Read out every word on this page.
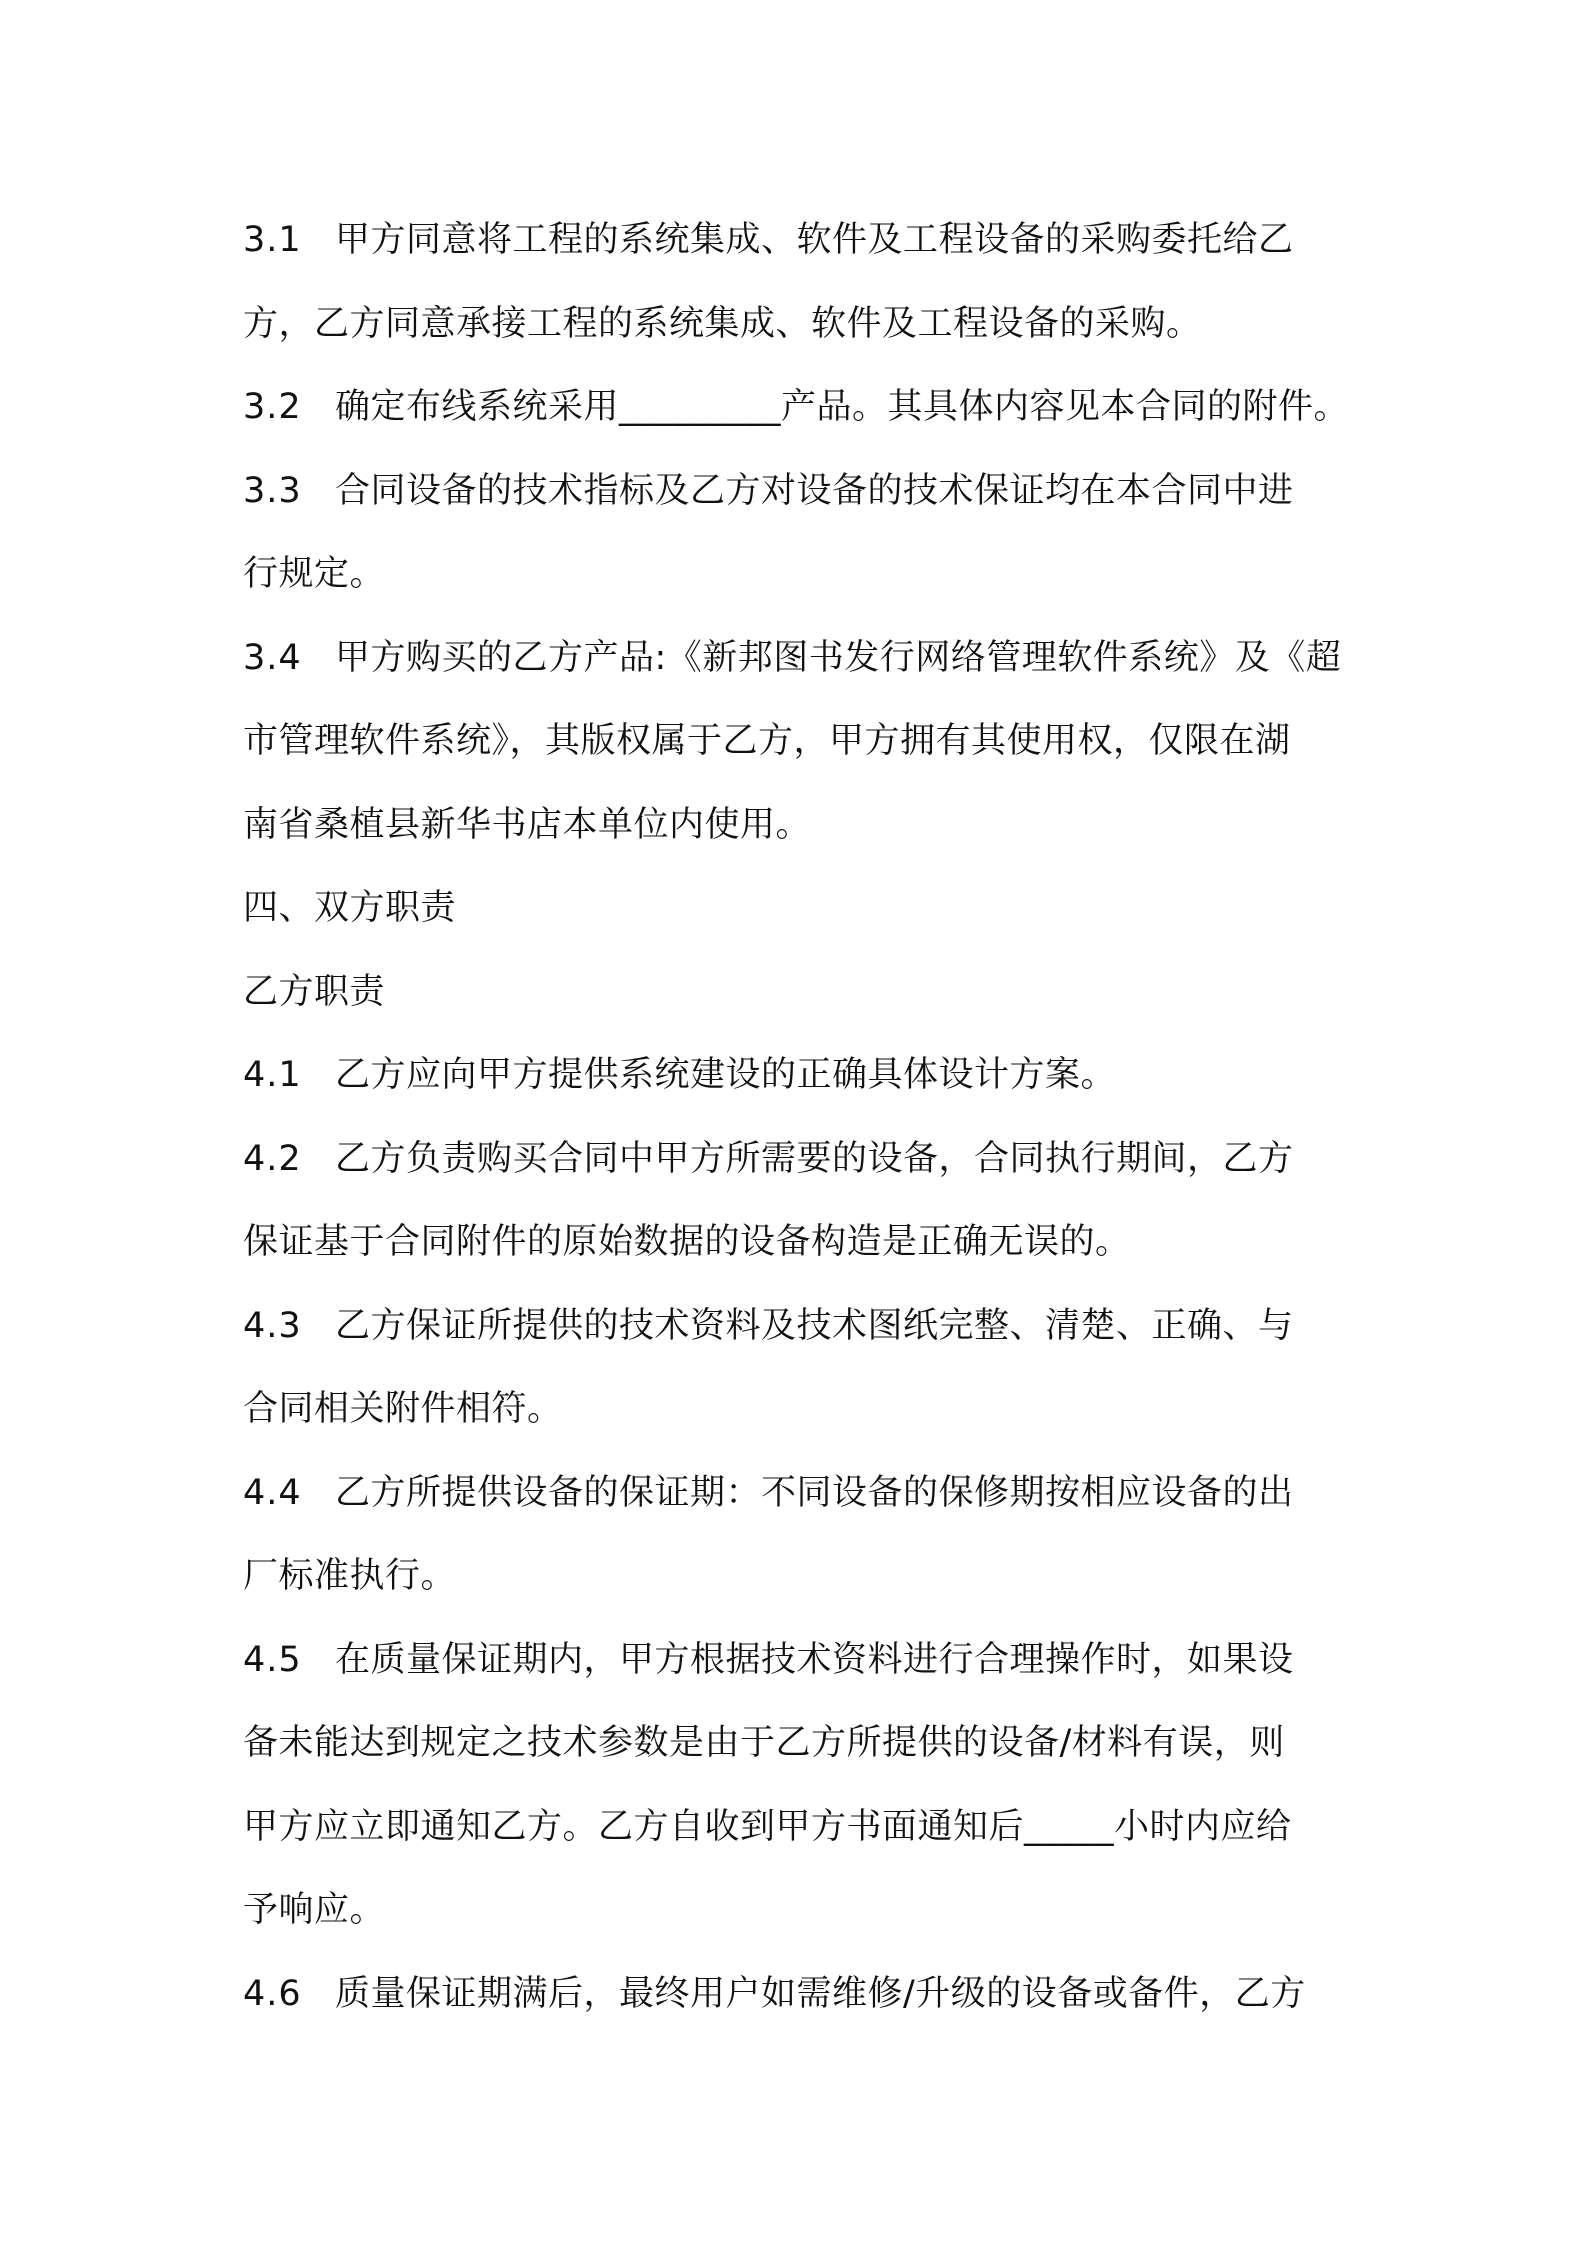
3.1 甲方同意将工程的系统集成、软件及工程设备的采购委托给乙

方，乙方同意承接工程的系统集成、软件及工程设备的采购。

3.2 确定布线系统采用_________产品。其具体内容见本合同的附件。

3.3 合同设备的技术指标及乙方对设备的技术保证均在本合同中进

行规定。

3.4 甲方购买的乙方产品:《新邦图书发行网络管理软件系统》及《超

市管理软件系统》，其版权属于乙方，甲方拥有其使用权，仅限在湖

南省桑植县新华书店本单位内使用。

四、双方职责

乙方职责

4.1 乙方应向甲方提供系统建设的正确具体设计方案。

4.2 乙方负责购买合同中甲方所需要的设备，合同执行期间，乙方

保证基于合同附件的原始数据的设备构造是正确无误的。

4.3 乙方保证所提供的技术资料及技术图纸完整、清楚、正确、与

合同相关附件相符。

4.4 乙方所提供设备的保证期：不同设备的保修期按相应设备的出

厂标准执行。

4.5 在质量保证期内，甲方根据技术资料进行合理操作时，如果设

备未能达到规定之技术参数是由于乙方所提供的设备/材料有误，则

甲方应立即通知乙方。乙方自收到甲方书面通知后_____小时内应给

予响应。

4.6 质量保证期满后，最终用户如需维修/升级的设备或备件，乙方
